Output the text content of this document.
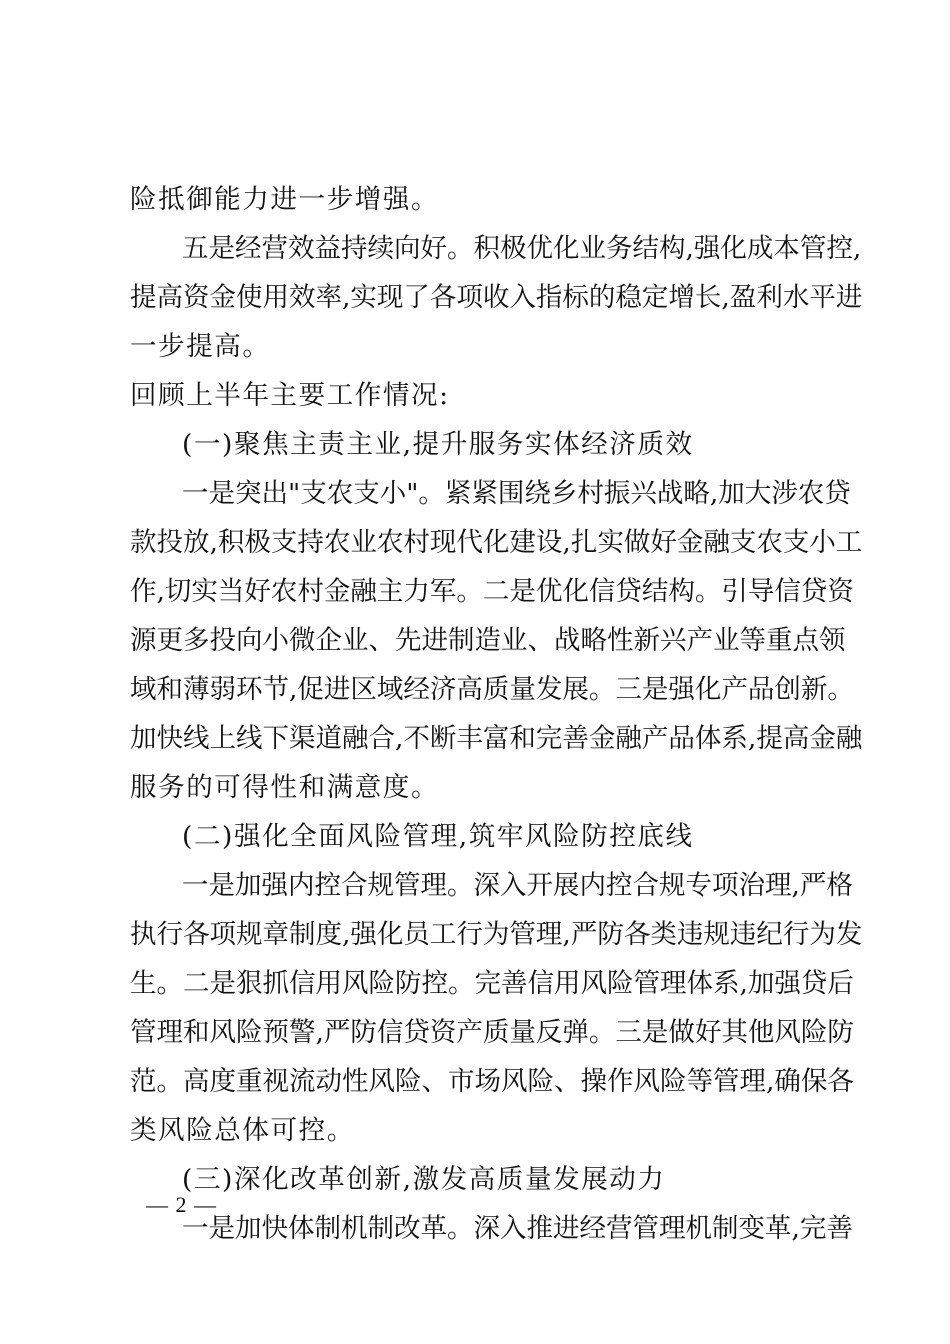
险抵御能力进一步增强。
五是经营效益持续向好。积极优化业务结构,强化成本管控,
提高资金使用效率,实现了各项收入指标的稳定增长,盈利水平进
一步提高。
回顾上半年主要工作情况:
(一)聚焦主责主业,提升服务实体经济质效
一是突出"支农支小"。紧紧围绕乡村振兴战略,加大涉农贷
款投放,积极支持农业农村现代化建设,扎实做好金融支农支小工
作,切实当好农村金融主力军。二是优化信贷结构。引导信贷资
源更多投向小微企业、先进制造业、战略性新兴产业等重点领
域和薄弱环节,促进区域经济高质量发展。三是强化产品创新。
加快线上线下渠道融合,不断丰富和完善金融产品体系,提高金融
服务的可得性和满意度。
(二)强化全面风险管理,筑牢风险防控底线
一是加强内控合规管理。深入开展内控合规专项治理,严格
执行各项规章制度,强化员工行为管理,严防各类违规违纪行为发
生。二是狠抓信用风险防控。完善信用风险管理体系,加强贷后
管理和风险预警,严防信贷资产质量反弹。三是做好其他风险防
范。高度重视流动性风险、市场风险、操作风险等管理,确保各
类风险总体可控。
(三)深化改革创新,激发高质量发展动力
一是加快体制机制改革。深入推进经营管理机制变革,完善
— 2 —
